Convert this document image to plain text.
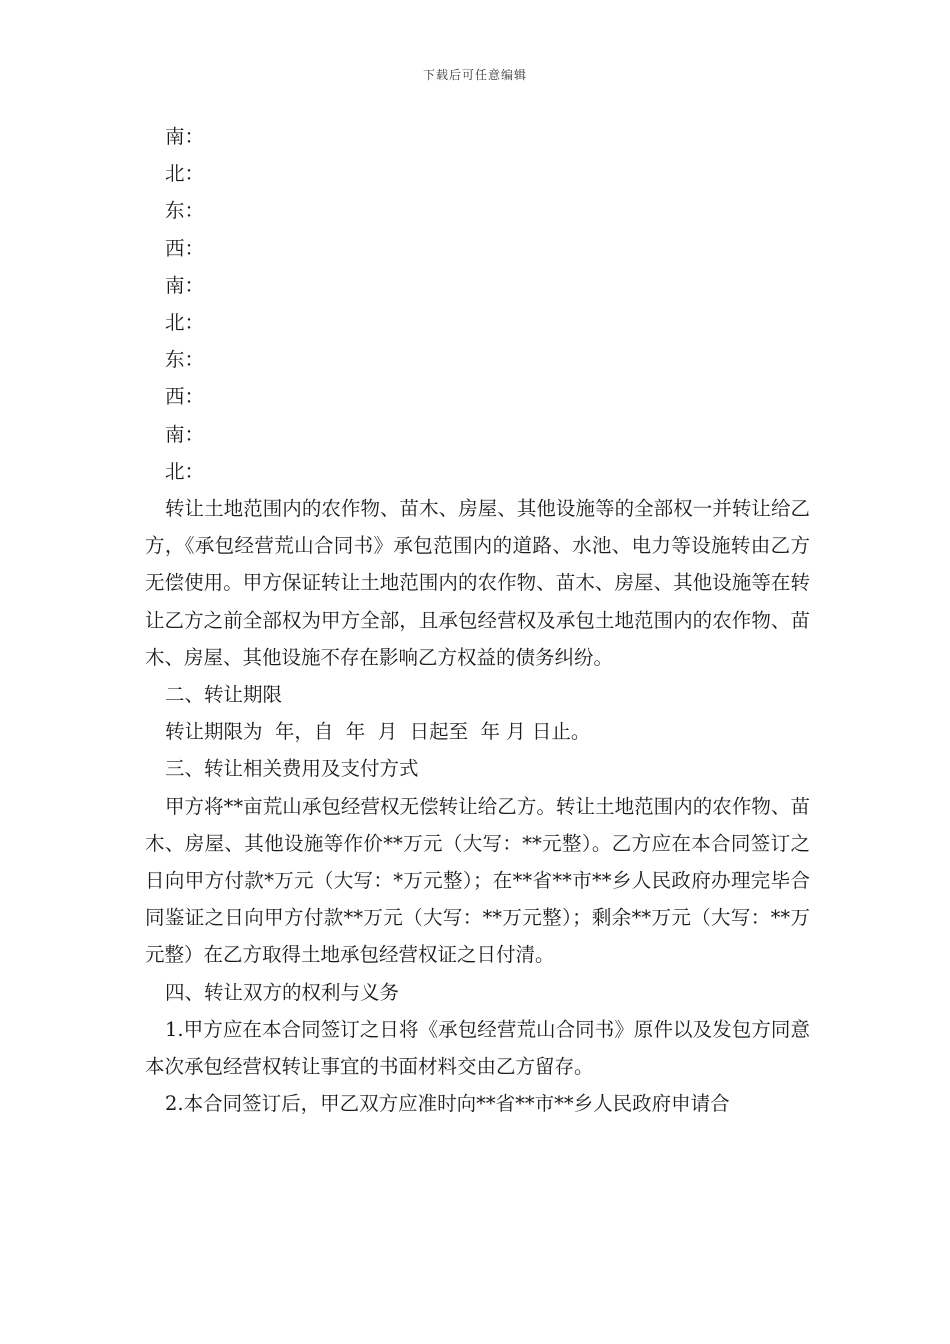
下载后可任意编辑

南：

北：

东：

西：

南：

北：

东：

西：

南：

北：

转让土地范围内的农作物、苗木、房屋、其他设施等的全部权一并转让给乙方，《承包经营荒山合同书》承包范围内的道路、水池、电力等设施转由乙方无偿使用。甲方保证转让土地范围内的农作物、苗木、房屋、其他设施等在转让乙方之前全部权为甲方全部，且承包经营权及承包土地范围内的农作物、苗木、房屋、其他设施不存在影响乙方权益的债务纠纷。

二、转让期限

转让期限为  年，自  年  月  日起至  年 月 日止。

三、转让相关费用及支付方式

甲方将**亩荒山承包经营权无偿转让给乙方。转让土地范围内的农作物、苗木、房屋、其他设施等作价**万元（大写：**元整）。乙方应在本合同签订之日向甲方付款*万元（大写：*万元整）；在**省**市**乡人民政府办理完毕合同鉴证之日向甲方付款**万元（大写：**万元整）；剩余**万元（大写：**万元整）在乙方取得土地承包经营权证之日付清。

四、转让双方的权利与义务

1.甲方应在本合同签订之日将《承包经营荒山合同书》原件以及发包方同意本次承包经营权转让事宜的书面材料交由乙方留存。

2.本合同签订后，甲乙双方应准时向**省**市**乡人民政府申请合
